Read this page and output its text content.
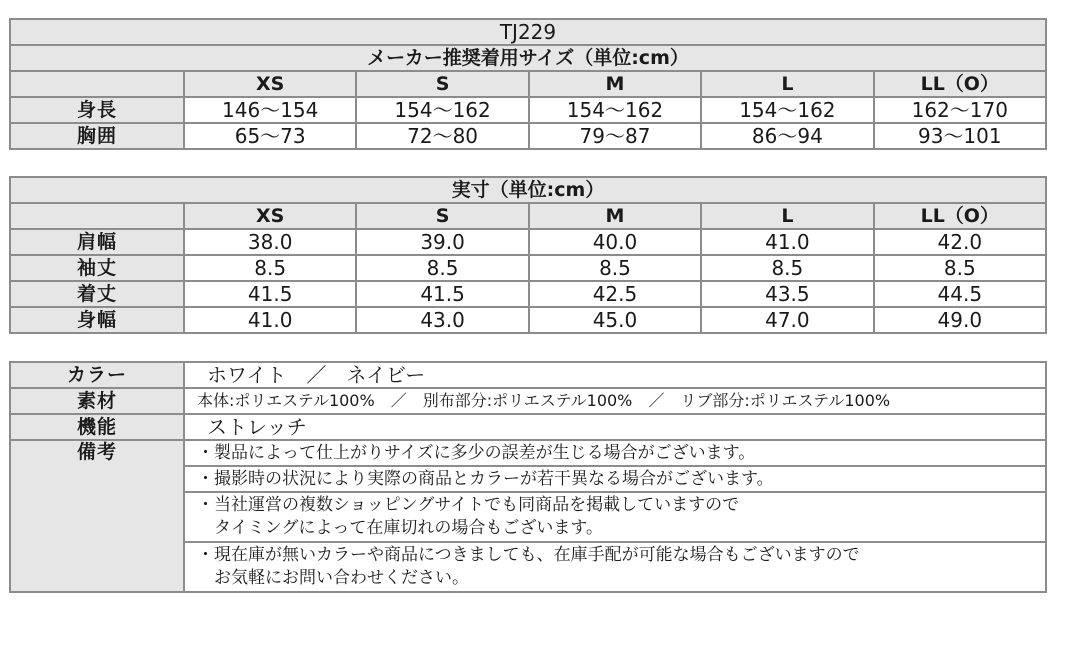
TJ229					
メーカー推奨着用サイズ（単位:cm）					
	XS	S	M	L	LL（O）
身長	146〜154	154〜162	154〜162	154〜162	162〜170
胸囲	65〜73	72〜80	79〜87	86〜94	93〜101
実寸（単位:cm）					
	XS	S	M	L	LL（O）
肩幅	38.0	39.0	40.0	41.0	42.0
袖丈	8.5	8.5	8.5	8.5	8.5
着丈	41.5	41.5	42.5	43.5	44.5
身幅	41.0	43.0	45.0	47.0	49.0
カラー	ホワイト　／　ネイビー
素材	本体:ポリエステル100%　／　別布部分:ポリエステル100%　／　リブ部分:ポリエステル100%
機能	ストレッチ
備考	・製品によって仕上がりサイズに多少の誤差が生じる場合がございます。
	・撮影時の状況により実際の商品とカラーが若干異なる場合がございます。
	・当社運営の複数ショッピングサイトでも同商品を掲載していますので
　タイミングによって在庫切れの場合もございます。
	・現在庫が無いカラーや商品につきましても、在庫手配が可能な場合もございますので
　お気軽にお問い合わせください。
